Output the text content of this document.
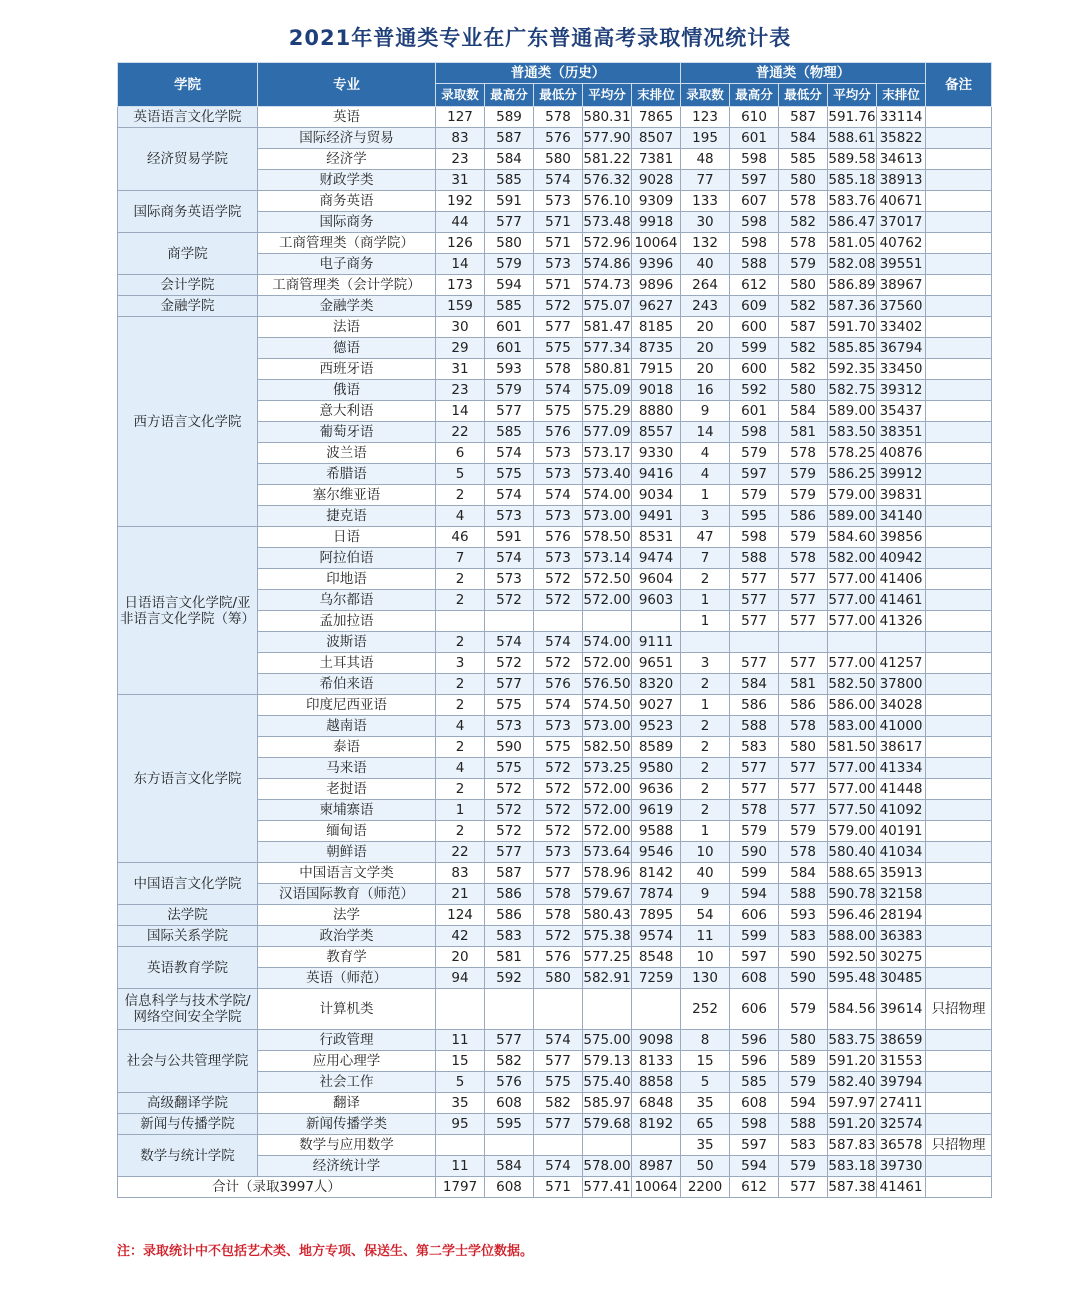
2021年普通类专业在广东普通高考录取情况统计表
学院	专业	普通类（历史）					普通类（物理）					备注
		录取数	最高分	最低分	平均分	末排位	录取数	最高分	最低分	平均分	末排位	
英语语言文化学院	英语	127	589	578	580.31	7865	123	610	587	591.76	33114	
经济贸易学院	国际经济与贸易	83	587	576	577.90	8507	195	601	584	588.61	35822	
	经济学	23	584	580	581.22	7381	48	598	585	589.58	34613	
	财政学类	31	585	574	576.32	9028	77	597	580	585.18	38913	
国际商务英语学院	商务英语	192	591	573	576.10	9309	133	607	578	583.76	40671	
	国际商务	44	577	571	573.48	9918	30	598	582	586.47	37017	
商学院	工商管理类（商学院）	126	580	571	572.96	10064	132	598	578	581.05	40762	
	电子商务	14	579	573	574.86	9396	40	588	579	582.08	39551	
会计学院	工商管理类（会计学院）	173	594	571	574.73	9896	264	612	580	586.89	38967	
金融学院	金融学类	159	585	572	575.07	9627	243	609	582	587.36	37560	
西方语言文化学院	法语	30	601	577	581.47	8185	20	600	587	591.70	33402	
	德语	29	601	575	577.34	8735	20	599	582	585.85	36794	
	西班牙语	31	593	578	580.81	7915	20	600	582	592.35	33450	
	俄语	23	579	574	575.09	9018	16	592	580	582.75	39312	
	意大利语	14	577	575	575.29	8880	9	601	584	589.00	35437	
	葡萄牙语	22	585	576	577.09	8557	14	598	581	583.50	38351	
	波兰语	6	574	573	573.17	9330	4	579	578	578.25	40876	
	希腊语	5	575	573	573.40	9416	4	597	579	586.25	39912	
	塞尔维亚语	2	574	574	574.00	9034	1	579	579	579.00	39831	
	捷克语	4	573	573	573.00	9491	3	595	586	589.00	34140	
日语语言文化学院/亚非语言文化学院（筹）	日语	46	591	576	578.50	8531	47	598	579	584.60	39856	
	阿拉伯语	7	574	573	573.14	9474	7	588	578	582.00	40942	
	印地语	2	573	572	572.50	9604	2	577	577	577.00	41406	
	乌尔都语	2	572	572	572.00	9603	1	577	577	577.00	41461	
	孟加拉语						1	577	577	577.00	41326	
	波斯语	2	574	574	574.00	9111						
	土耳其语	3	572	572	572.00	9651	3	577	577	577.00	41257	
	希伯来语	2	577	576	576.50	8320	2	584	581	582.50	37800	
东方语言文化学院	印度尼西亚语	2	575	574	574.50	9027	1	586	586	586.00	34028	
	越南语	4	573	573	573.00	9523	2	588	578	583.00	41000	
	泰语	2	590	575	582.50	8589	2	583	580	581.50	38617	
	马来语	4	575	572	573.25	9580	2	577	577	577.00	41334	
	老挝语	2	572	572	572.00	9636	2	577	577	577.00	41448	
	柬埔寨语	1	572	572	572.00	9619	2	578	577	577.50	41092	
	缅甸语	2	572	572	572.00	9588	1	579	579	579.00	40191	
	朝鲜语	22	577	573	573.64	9546	10	590	578	580.40	41034	
中国语言文化学院	中国语言文学类	83	587	577	578.96	8142	40	599	584	588.65	35913	
	汉语国际教育（师范）	21	586	578	579.67	7874	9	594	588	590.78	32158	
法学院	法学	124	586	578	580.43	7895	54	606	593	596.46	28194	
国际关系学院	政治学类	42	583	572	575.38	9574	11	599	583	588.00	36383	
英语教育学院	教育学	20	581	576	577.25	8548	10	597	590	592.50	30275	
	英语（师范）	94	592	580	582.91	7259	130	608	590	595.48	30485	
信息科学与技术学院/网络空间安全学院	计算机类						252	606	579	584.56	39614	只招物理
社会与公共管理学院	行政管理	11	577	574	575.00	9098	8	596	580	583.75	38659	
	应用心理学	15	582	577	579.13	8133	15	596	589	591.20	31553	
	社会工作	5	576	575	575.40	8858	5	585	579	582.40	39794	
高级翻译学院	翻译	35	608	582	585.97	6848	35	608	594	597.97	27411	
新闻与传播学院	新闻传播学类	95	595	577	579.68	8192	65	598	588	591.20	32574	
数学与统计学院	数学与应用数学						35	597	583	587.83	36578	只招物理
	经济统计学	11	584	574	578.00	8987	50	594	579	583.18	39730	
合计（录取3997人）		1797	608	571	577.41	10064	2200	612	577	587.38	41461	
注：录取统计中不包括艺术类、地方专项、保送生、第二学士学位数据。
